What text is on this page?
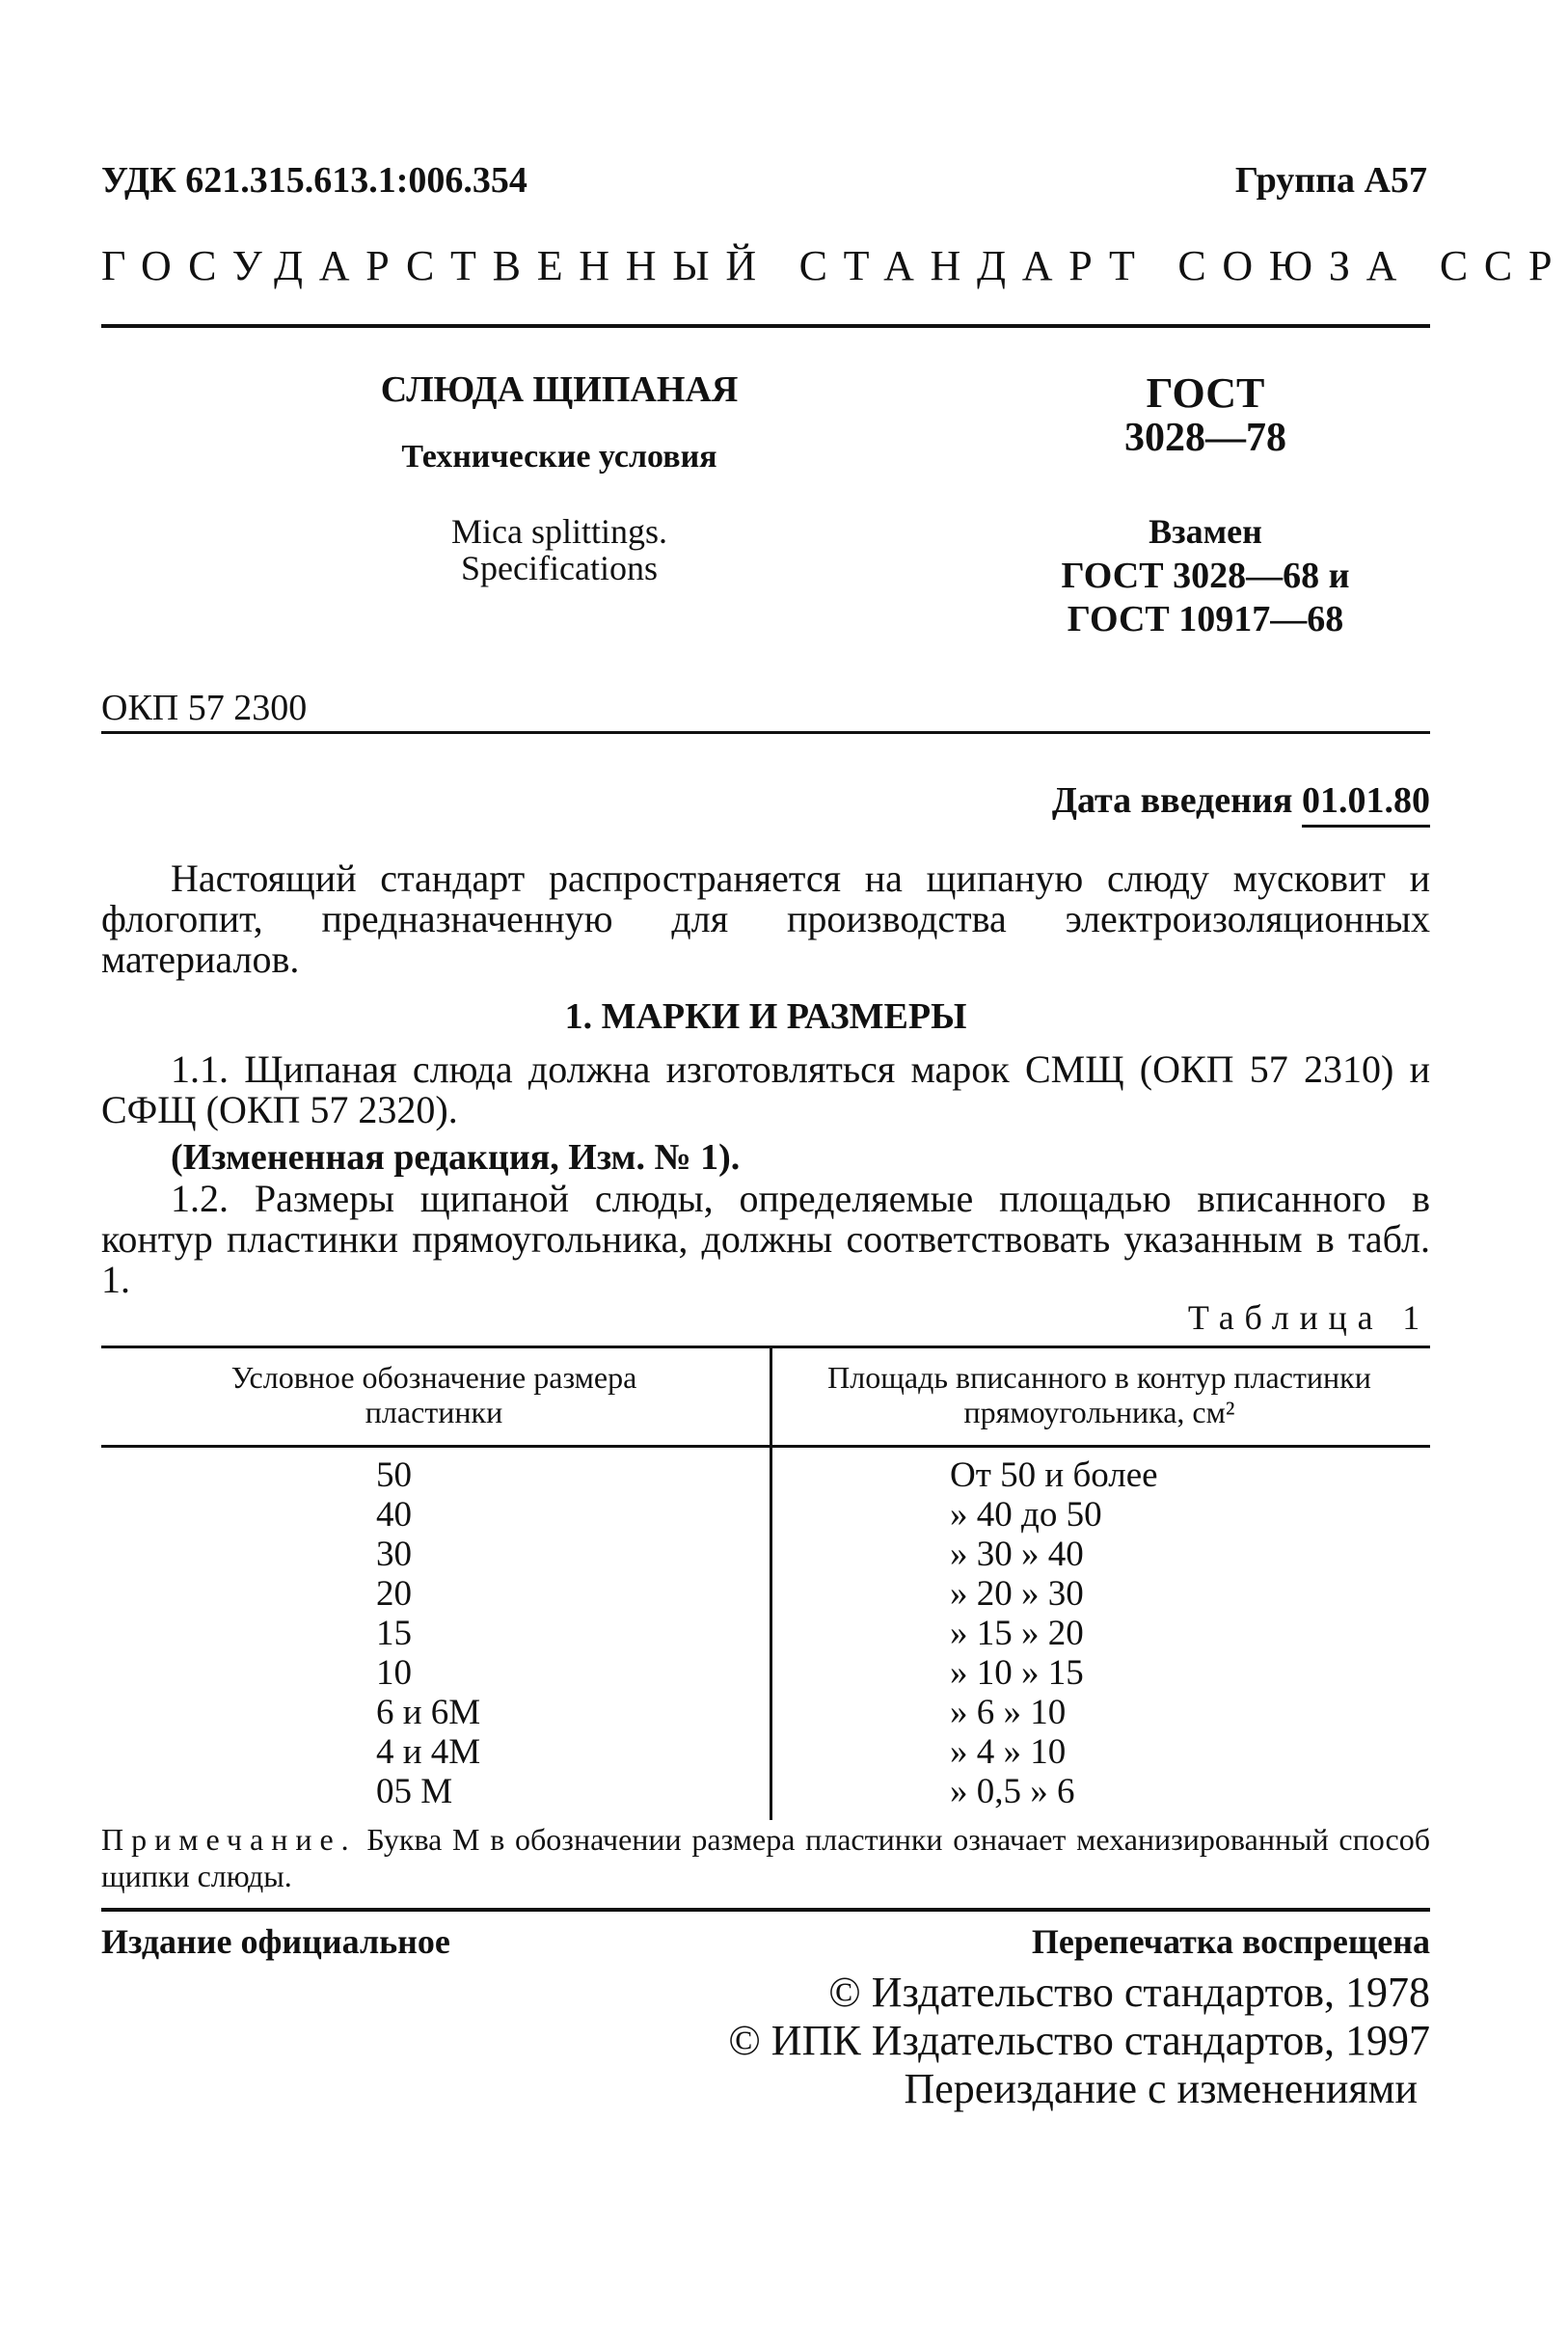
УДК 621.315.613.1:006.354	Группа А57
ГОСУДАРСТВЕННЫЙ СТАНДАРТ СОЮЗА ССР
СЛЮДА ЩИПАНАЯ
Технические условия
Mica splittings.
Specifications
ГОСТ
3028—78
Взамен
ГОСТ 3028—68 и
ГОСТ 10917—68
ОКП 57 2300
Дата введения 01.01.80
Настоящий стандарт распространяется на щипаную слюду мусковит и флогопит, предназначенную для производства электроизоляционных материалов.
1. МАРКИ И РАЗМЕРЫ
1.1. Щипаная слюда должна изготовляться марок СМЩ (ОКП 57 2310) и СФЩ (ОКП 57 2320).
(Измененная редакция, Изм. № 1).
1.2. Размеры щипаной слюды, определяемые площадью вписанного в контур пластинки прямоугольника, должны соответствовать указанным в табл. 1.
Таблица 1
Условное обозначение размера пластинки
Площадь вписанного в контур пластинки прямоугольника, см²
50	От 50 и более
40	» 40 до 50
30	» 30 » 40
20	» 20 » 30
15	» 15 » 20
10	» 10 » 15
6 и 6М	» 6 » 10
4 и 4М	» 4 » 10
05 М	» 0,5 » 6
Примечание. Буква М в обозначении размера пластинки означает механизированный способ щипки слюды.
Издание официальное	Перепечатка воспрещена
© Издательство стандартов, 1978
© ИПК Издательство стандартов, 1997
Переиздание с изменениями
